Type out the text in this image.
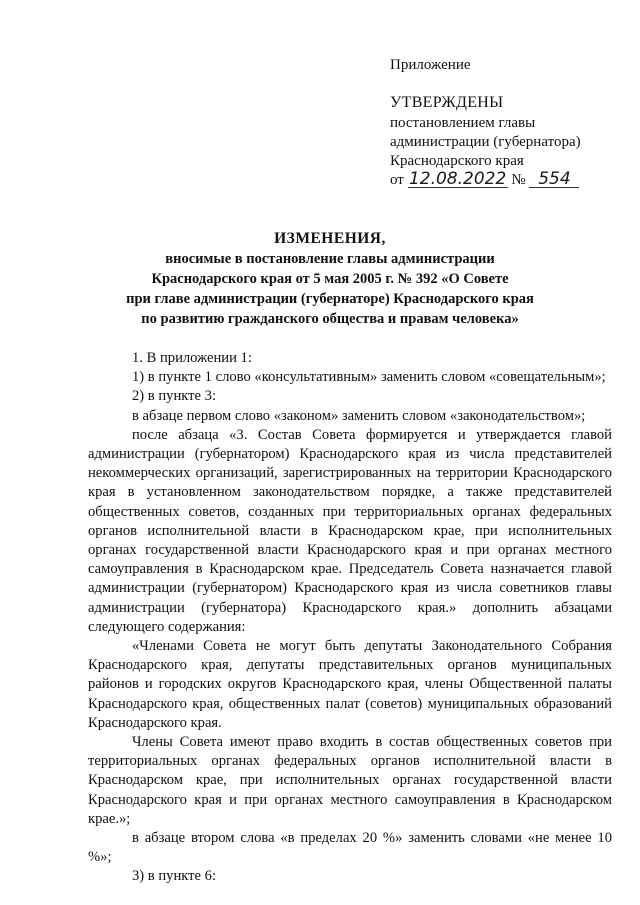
Приложение
УТВЕРЖДЕНЫ
постановлением главы
администрации (губернатора)
Краснодарского края
от 12.08.2022 № 554
ИЗМЕНЕНИЯ,
вносимые в постановление главы администрации
Краснодарского края от 5 мая 2005 г. № 392 «О Совете
при главе администрации (губернаторе) Краснодарского края
по развитию гражданского общества и правам человека»

1. В приложении 1:

1) в пункте 1 слово «консультативным» заменить словом «совещательным»;

2) в пункте 3:

в абзаце первом слово «законом» заменить словом «законодательством»;

после абзаца «3. Состав Совета формируется и утверждается главой администрации (губернатором) Краснодарского края из числа представителей некоммерческих организаций, зарегистрированных на территории Краснодарского края в установленном законодательством порядке, а также представителей общественных советов, созданных при территориальных органах федеральных органов исполнительной власти в Краснодарском крае, при исполнительных органах государственной власти Краснодарского края и при органах местного самоуправления в Краснодарском крае. Председатель Совета назначается главой администрации (губернатором) Краснодарского края из числа советников главы администрации (губернатора) Краснодарского края.» дополнить абзацами следующего содержания:

«Членами Совета не могут быть депутаты Законодательного Собрания Краснодарского края, депутаты представительных органов муниципальных районов и городских округов Краснодарского края, члены Общественной палаты Краснодарского края, общественных палат (советов) муниципальных образований Краснодарского края.

Члены Совета имеют право входить в состав общественных советов при территориальных органах федеральных органов исполнительной власти в Краснодарском крае, при исполнительных органах государственной власти Краснодарского края и при органах местного самоуправления в Краснодарском крае.»;

в абзаце втором слова «в пределах 20 %» заменить словами «не менее 10 %»;

3) в пункте 6:
